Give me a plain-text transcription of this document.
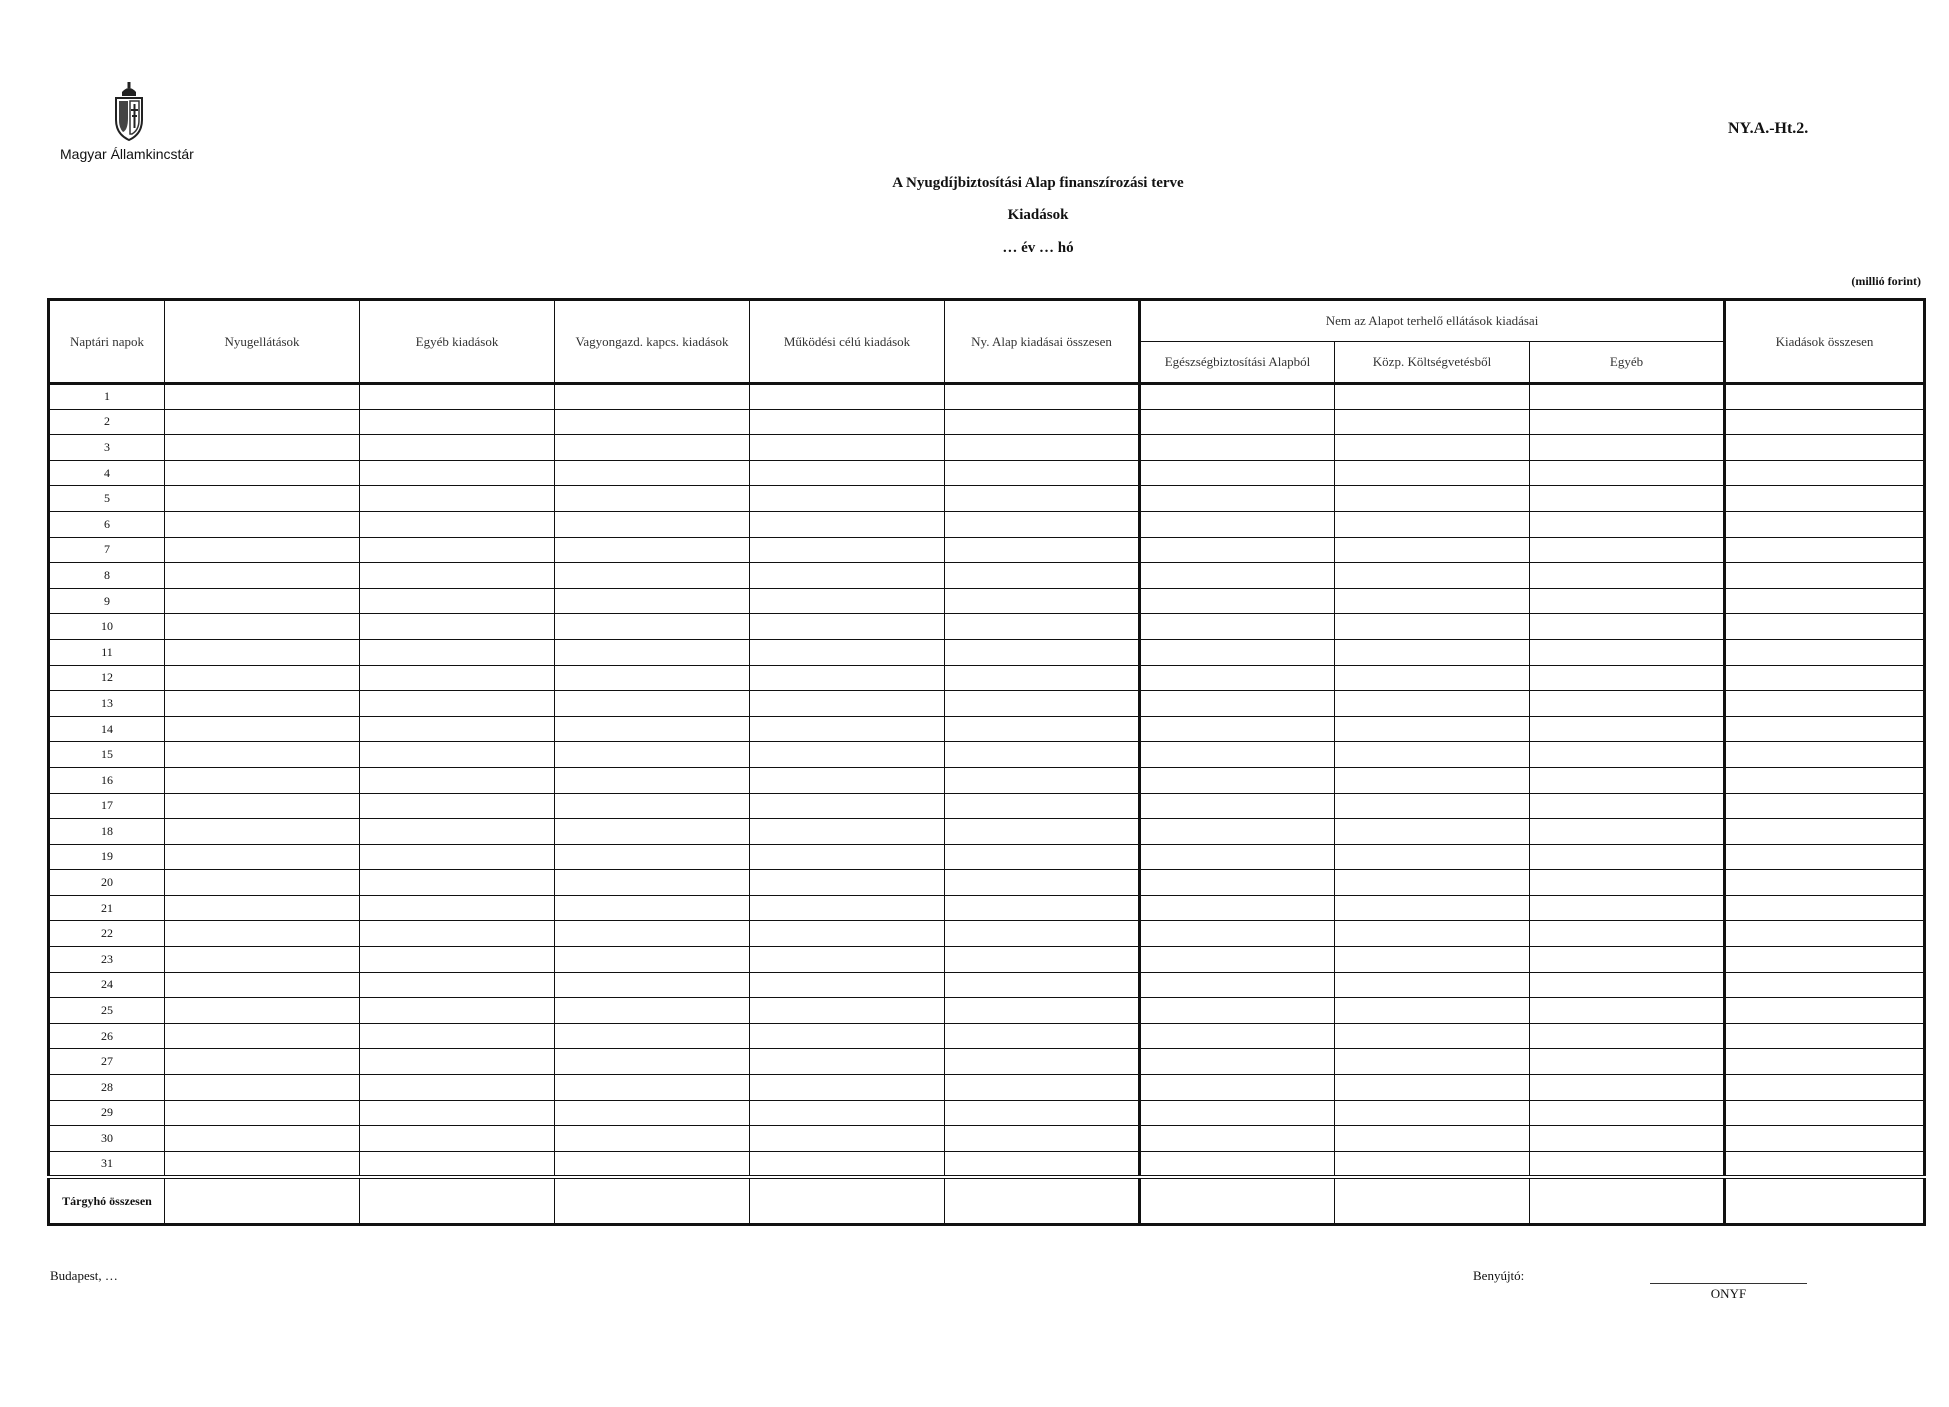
Magyar Államkincstár
NY.A.-Ht.2.
A Nyugdíjbiztosítási Alap finanszírozási terve
Kiadások
… év … hó
(millió forint)
Naptári napok	Nyugellátások	Egyéb kiadások	Vagyongazd. kapcs. kiadások	Működési célú kiadások	Ny. Alap kiadásai összesen	Nem az Alapot terhelő ellátások kiadásai			Kiadások összesen
						Egészségbiztosítási Alapból	Közp. Költségvetésből	Egyéb	
1									
2									
3									
4									
5									
6									
7									
8									
9									
10									
11									
12									
13									
14									
15									
16									
17									
18									
19									
20									
21									
22									
23									
24									
25									
26									
27									
28									
29									
30									
31									
Tárgyhó összesen									
Budapest, …	Benyújtó:
ONYF
